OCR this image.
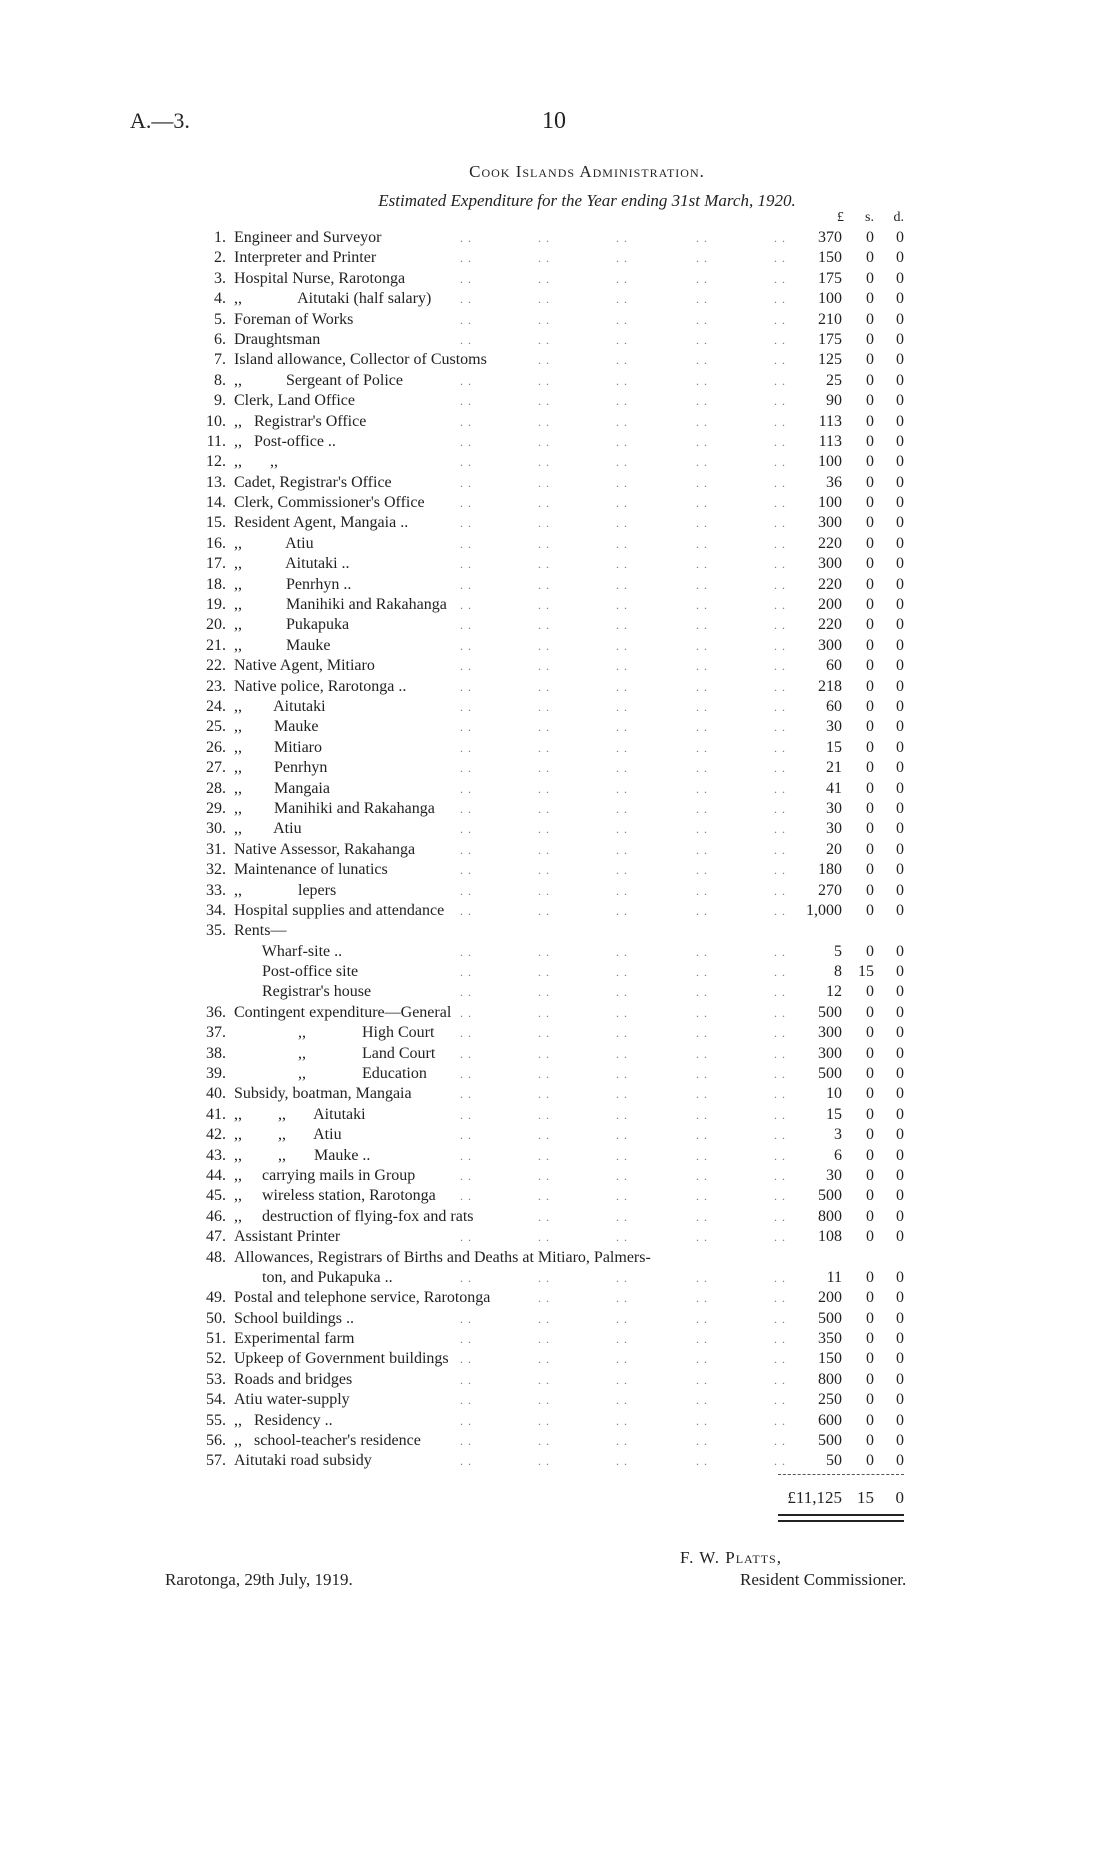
A.—3.	10
Cook Islands Administration.
Estimated Expenditure for the Year ending 31st March, 1920.
£	s.	d.
1. Engineer and Surveyor	. .	. .	. .	. .	. .	370	0	0
2. Interpreter and Printer	. .	. .	. .	. .	. .	150	0	0
3. Hospital Nurse, Rarotonga	. .	. .	. .	. .	. .	175	0	0
4. ,,              Aitutaki (half salary) . .	. .	. .	. .	. .	100	0	0
5. Foreman of Works	. .	. .	. .	. .	. .	210	0	0
6. Draughtsman	. .	. .	. .	. .	. .	175	0	0
7. Island allowance, Collector of Customs	. .	. .	. .	. .	125	0	0
8. ,,           Sergeant of Police	. .	. .	. .	. .	. .	25	0	0
9. Clerk, Land Office	. .	. .	. .	. .	. .	90	0	0
10. ,,   Registrar's Office	. .	. .	. .	. .	. .	113	0	0
11. ,,   Post-office ..	. .	. .	. .	. .	. .	113	0	0
12. ,,       ,,	. .	. .	. .	. .	. .	100	0	0
13. Cadet, Registrar's Office	. .	. .	. .	. .	. .	36	0	0
14. Clerk, Commissioner's Office	. .	. .	. .	. .	. .	100	0	0
15. Resident Agent, Mangaia ..	. .	. .	. .	. .	. .	300	0	0
16. ,,           Atiu	. .	. .	. .	. .	. .	220	0	0
17. ,,           Aitutaki ..	. .	. .	. .	. .	. .	300	0	0
18. ,,           Penrhyn ..	. .	. .	. .	. .	. .	220	0	0
19. ,,           Manihiki and Rakahanga . .	. .	. .	. .	. .	200	0	0
20. ,,           Pukapuka	. .	. .	. .	. .	. .	220	0	0
21. ,,           Mauke	. .	. .	. .	. .	. .	300	0	0
22. Native Agent, Mitiaro	. .	. .	. .	. .	. .	60	0	0
23. Native police, Rarotonga ..	. .	. .	. .	. .	. .	218	0	0
24. ,,        Aitutaki	. .	. .	. .	. .	. .	60	0	0
25. ,,        Mauke	. .	. .	. .	. .	. .	30	0	0
26. ,,        Mitiaro	. .	. .	. .	. .	. .	15	0	0
27. ,,        Penrhyn	. .	. .	. .	. .	. .	21	0	0
28. ,,        Mangaia	. .	. .	. .	. .	. .	41	0	0
29. ,,        Manihiki and Rakahanga . .	. .	. .	. .	. .	30	0	0
30. ,,        Atiu	. .	. .	. .	. .	. .	30	0	0
31. Native Assessor, Rakahanga	. .	. .	. .	. .	. .	20	0	0
32. Maintenance of lunatics	. .	. .	. .	. .	. .	180	0	0
33. ,,              lepers	. .	. .	. .	. .	. .	270	0	0
34. Hospital supplies and attendance . .	. .	. .	. .	. .	1,000	0	0
35. Rents—
Wharf-site ..	. .	. .	. .	. .	. .	5	0	0
Post-office site	. .	. .	. .	. .	. .	8	15	0
Registrar's house	. .	. .	. .	. .	. .	12	0	0
36. Contingent expenditure—General . .	. .	. .	. .	. .	500	0	0
37. ,,              High Court . .	. .	. .	. .	. .	300	0	0
38. ,,              Land Court . .	. .	. .	. .	. .	300	0	0
39. ,,              Education	. .	. .	. .	. .	. .	500	0	0
40. Subsidy, boatman, Mangaia	. .	. .	. .	. .	. .	10	0	0
41. ,,         ,,       Aitutaki	. .	. .	. .	. .	. .	15	0	0
42. ,,         ,,       Atiu	. .	. .	. .	. .	. .	3	0	0
43. ,,         ,,       Mauke ..	. .	. .	. .	. .	. .	6	0	0
44. ,,     carrying mails in Group	. .	. .	. .	. .	. .	30	0	0
45. ,,     wireless station, Rarotonga . .	. .	. .	. .	. .	500	0	0
46. ,,     destruction of flying-fox and rats	. .	. .	. .	. .	800	0	0
47. Assistant Printer	. .	. .	. .	. .	. .	108	0	0
48. Allowances, Registrars of Births and Deaths at Mitiaro, Palmers-
ton, and Pukapuka ..	. .	. .	. .	. .	. .	11	0	0
49. Postal and telephone service, Rarotonga	. .	. .	. .	. .	200	0	0
50. School buildings ..	. .	. .	. .	. .	. .	500	0	0
51. Experimental farm	. .	. .	. .	. .	. .	350	0	0
52. Upkeep of Government buildings . .	. .	. .	. .	. .	150	0	0
53. Roads and bridges	. .	. .	. .	. .	. .	800	0	0
54. Atiu water-supply	. .	. .	. .	. .	. .	250	0	0
55. ,,   Residency ..	. .	. .	. .	. .	. .	600	0	0
56. ,,   school-teacher's residence	. .	. .	. .	. .	. .	500	0	0
57. Aitutaki road subsidy	. .	. .	. .	. .	. .	50	0	0
£11,125 15	0
F. W. Platts,
Resident Commissioner.
Rarotonga, 29th July, 1919.
